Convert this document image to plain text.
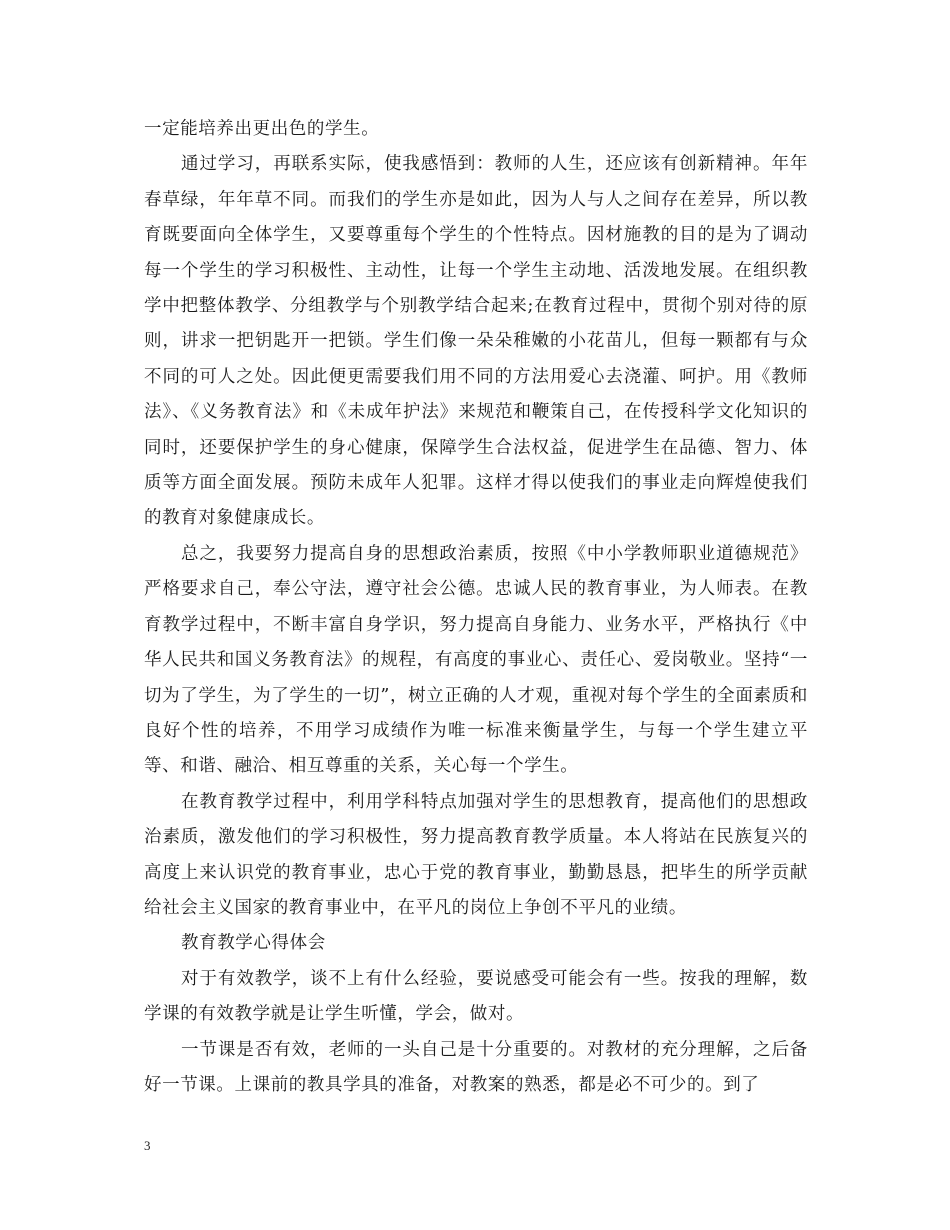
一定能培养出更出色的学生。

通过学习，再联系实际，使我感悟到：教师的人生，还应该有创新精神。年年春草绿，年年草不同。而我们的学生亦是如此，因为人与人之间存在差异，所以教育既要面向全体学生，又要尊重每个学生的个性特点。因材施教的目的是为了调动每一个学生的学习积极性、主动性，让每一个学生主动地、活泼地发展。在组织教学中把整体教学、分组教学与个别教学结合起来;在教育过程中，贯彻个别对待的原则，讲求一把钥匙开一把锁。学生们像一朵朵稚嫩的小花苗儿，但每一颗都有与众不同的可人之处。因此便更需要我们用不同的方法用爱心去浇灌、呵护。用《教师法》、《义务教育法》和《未成年护法》来规范和鞭策自己，在传授科学文化知识的同时，还要保护学生的身心健康，保障学生合法权益，促进学生在品德、智力、体质等方面全面发展。预防未成年人犯罪。这样才得以使我们的事业走向辉煌使我们的教育对象健康成长。

总之，我要努力提高自身的思想政治素质，按照《中小学教师职业道德规范》严格要求自己，奉公守法，遵守社会公德。忠诚人民的教育事业，为人师表。在教育教学过程中，不断丰富自身学识，努力提高自身能力、业务水平，严格执行《中华人民共和国义务教育法》的规程，有高度的事业心、责任心、爱岗敬业。坚持“一切为了学生，为了学生的一切”，树立正确的人才观，重视对每个学生的全面素质和良好个性的培养，不用学习成绩作为唯一标准来衡量学生，与每一个学生建立平等、和谐、融洽、相互尊重的关系，关心每一个学生。

在教育教学过程中，利用学科特点加强对学生的思想教育，提高他们的思想政治素质，激发他们的学习积极性，努力提高教育教学质量。本人将站在民族复兴的高度上来认识党的教育事业，忠心于党的教育事业，勤勤恳恳，把毕生的所学贡献给社会主义国家的教育事业中，在平凡的岗位上争创不平凡的业绩。

教育教学心得体会

对于有效教学，谈不上有什么经验，要说感受可能会有一些。按我的理解，数学课的有效教学就是让学生听懂，学会，做对。

一节课是否有效，老师的一头自己是十分重要的。对教材的充分理解，之后备好一节课。上课前的教具学具的准备，对教案的熟悉，都是必不可少的。到了

3
